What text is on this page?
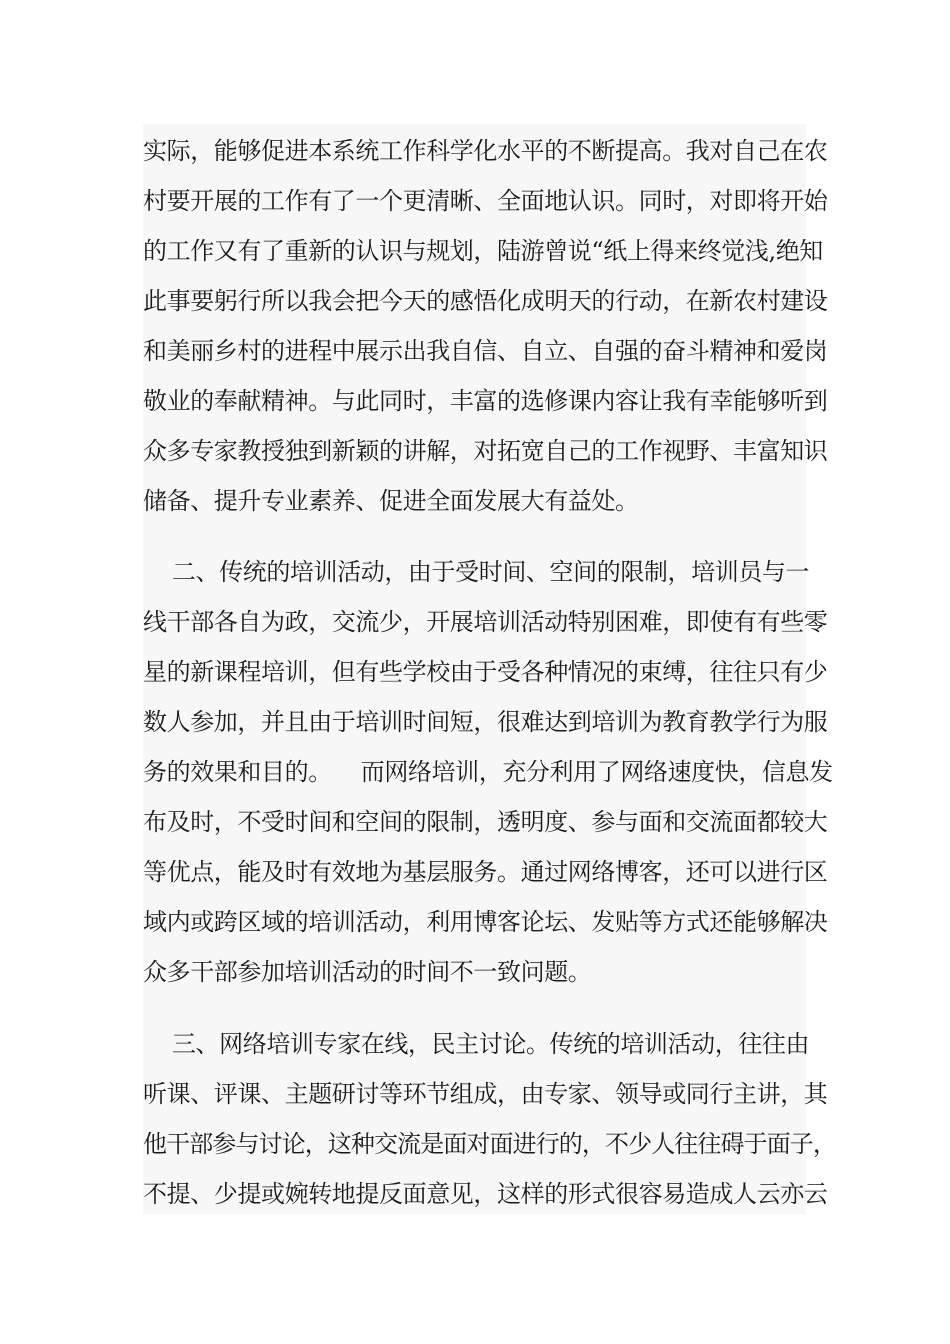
实际，能够促进本系统工作科学化水平的不断提高。我对自己在农
村要开展的工作有了一个更清晰、全面地认识。同时，对即将开始
的工作又有了重新的认识与规划，陆游曾说“纸上得来终觉浅,绝知
此事要躬行所以我会把今天的感悟化成明天的行动，在新农村建设
和美丽乡村的进程中展示出我自信、自立、自强的奋斗精神和爱岗
敬业的奉献精神。与此同时，丰富的选修课内容让我有幸能够听到
众多专家教授独到新颖的讲解，对拓宽自己的工作视野、丰富知识
储备、提升专业素养、促进全面发展大有益处。
二、传统的培训活动，由于受时间、空间的限制，培训员与一
线干部各自为政，交流少，开展培训活动特别困难，即使有有些零
星的新课程培训，但有些学校由于受各种情况的束缚，往往只有少
数人参加，并且由于培训时间短，很难达到培训为教育教学行为服
务的效果和目的。    而网络培训，充分利用了网络速度快，信息发
布及时，不受时间和空间的限制，透明度、参与面和交流面都较大
等优点，能及时有效地为基层服务。通过网络博客，还可以进行区
域内或跨区域的培训活动，利用博客论坛、发贴等方式还能够解决
众多干部参加培训活动的时间不一致问题。
三、网络培训专家在线，民主讨论。传统的培训活动，往往由
听课、评课、主题研讨等环节组成，由专家、领导或同行主讲，其
他干部参与讨论，这种交流是面对面进行的，不少人往往碍于面子，
不提、少提或婉转地提反面意见，这样的形式很容易造成人云亦云
